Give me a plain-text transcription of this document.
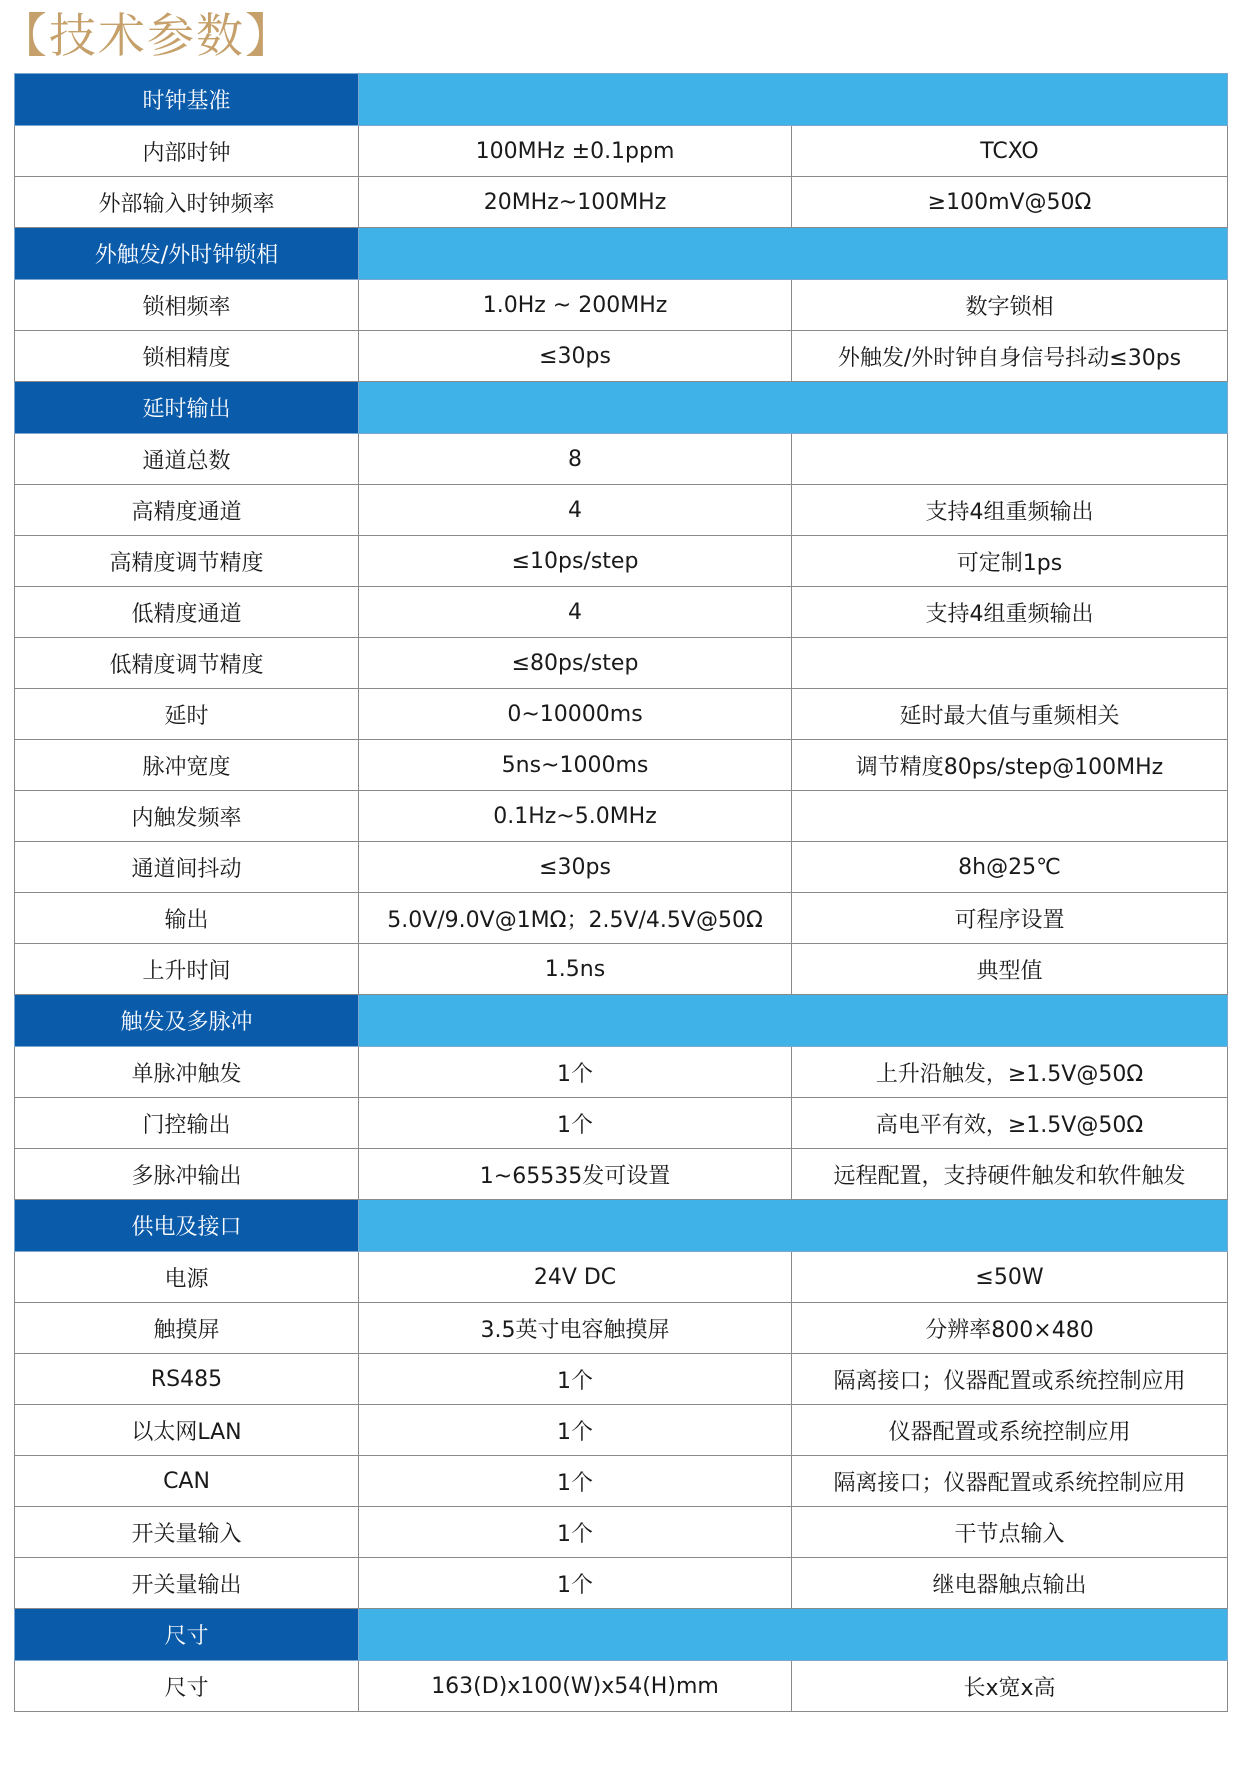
【技术参数】
时钟基准		
内部时钟	100MHz ±0.1ppm	TCXO
外部输入时钟频率	20MHz~100MHz	≥100mV@50Ω
外触发/外时钟锁相		
锁相频率	1.0Hz ~ 200MHz	数字锁相
锁相精度	≤30ps	外触发/外时钟自身信号抖动≤30ps
延时输出		
通道总数	8	
高精度通道	4	支持4组重频输出
高精度调节精度	≤10ps/step	可定制1ps
低精度通道	4	支持4组重频输出
低精度调节精度	≤80ps/step	
延时	0~10000ms	延时最大值与重频相关
脉冲宽度	5ns~1000ms	调节精度80ps/step@100MHz
内触发频率	0.1Hz~5.0MHz	
通道间抖动	≤30ps	8h@25℃
输出	5.0V/9.0V@1MΩ；2.5V/4.5V@50Ω	可程序设置
上升时间	1.5ns	典型值
触发及多脉冲		
单脉冲触发	1个	上升沿触发，≥1.5V@50Ω
门控输出	1个	高电平有效，≥1.5V@50Ω
多脉冲输出	1~65535发可设置	远程配置，支持硬件触发和软件触发
供电及接口		
电源	24V DC	≤50W
触摸屏	3.5英寸电容触摸屏	分辨率800×480
RS485	1个	隔离接口；仪器配置或系统控制应用
以太网LAN	1个	仪器配置或系统控制应用
CAN	1个	隔离接口；仪器配置或系统控制应用
开关量输入	1个	干节点输入
开关量输出	1个	继电器触点输出
尺寸		
尺寸	163(D)x100(W)x54(H)mm	长x宽x高
